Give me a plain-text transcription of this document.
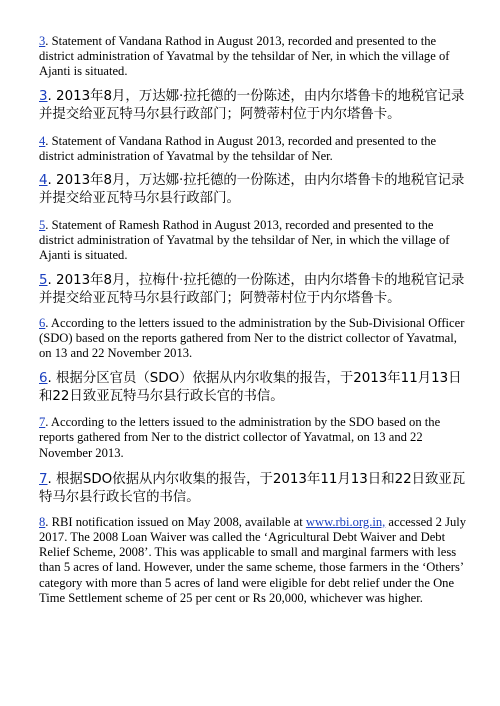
3. Statement of Vandana Rathod in August 2013, recorded and presented to the district administration of Yavatmal by the tehsildar of Ner, in which the village of Ajanti is situated.

3. 2013年8月，万达娜·拉托德的一份陈述，由内尔塔鲁卡的地税官记录并提交给亚瓦特马尔县行政部门；阿赞蒂村位于内尔塔鲁卡。

4. Statement of Vandana Rathod in August 2013, recorded and presented to the district administration of Yavatmal by the tehsildar of Ner.

4. 2013年8月，万达娜·拉托德的一份陈述，由内尔塔鲁卡的地税官记录并提交给亚瓦特马尔县行政部门。

5. Statement of Ramesh Rathod in August 2013, recorded and presented to the district administration of Yavatmal by the tehsildar of Ner, in which the village of Ajanti is situated.

5. 2013年8月，拉梅什·拉托德的一份陈述，由内尔塔鲁卡的地税官记录并提交给亚瓦特马尔县行政部门；阿赞蒂村位于内尔塔鲁卡。

6. According to the letters issued to the administration by the Sub-Divisional Officer (SDO) based on the reports gathered from Ner to the district collector of Yavatmal, on 13 and 22 November 2013.

6. 根据分区官员（SDO）依据从内尔收集的报告，于2013年11月13日和22日致亚瓦特马尔县行政长官的书信。

7. According to the letters issued to the administration by the SDO based on the reports gathered from Ner to the district collector of Yavatmal, on 13 and 22 November 2013.

7. 根据SDO依据从内尔收集的报告，于2013年11月13日和22日致亚瓦特马尔县行政长官的书信。

8. RBI notification issued on May 2008, available at www.rbi.org.in, accessed 2 July 2017. The 2008 Loan Waiver was called the ‘Agricultural Debt Waiver and Debt Relief Scheme, 2008’. This was applicable to small and marginal farmers with less than 5 acres of land. However, under the same scheme, those farmers in the ‘Others’ category with more than 5 acres of land were eligible for debt relief under the One Time Settlement scheme of 25 per cent or Rs 20,000, whichever was higher.
